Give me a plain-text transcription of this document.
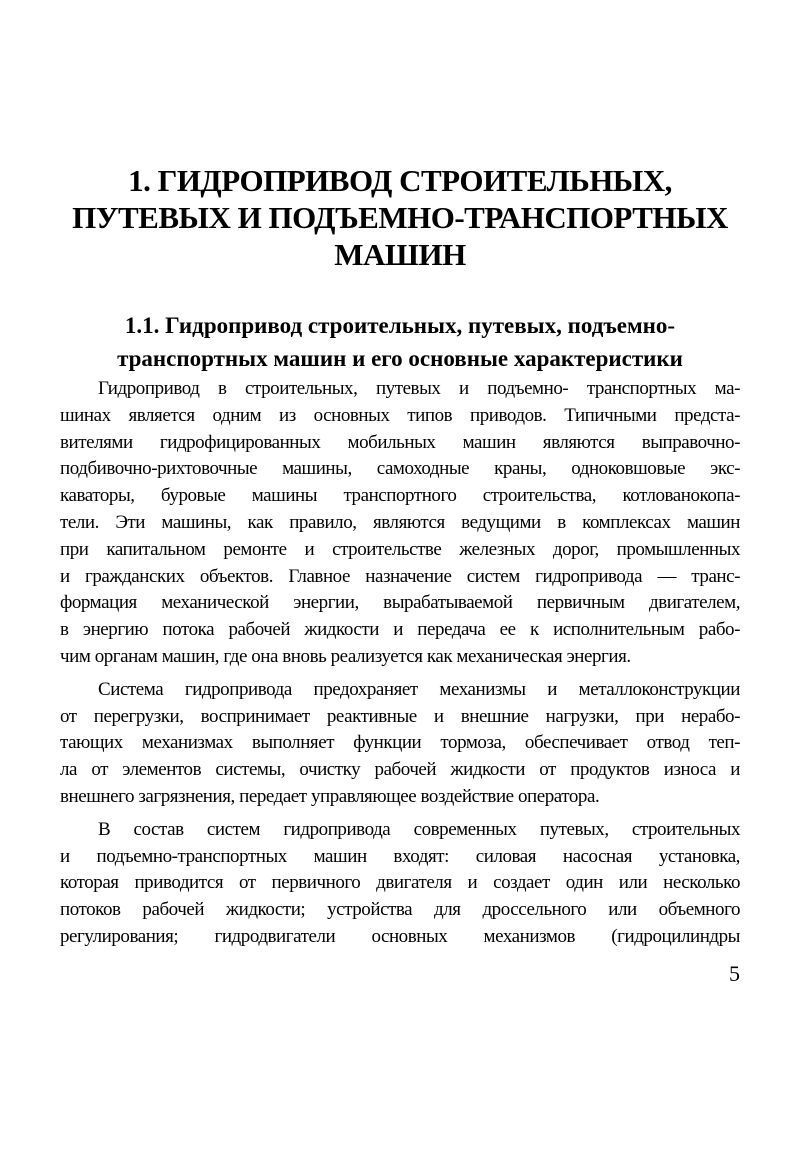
1. ГИДРОПРИВОД СТРОИТЕЛЬНЫХ,
ПУТЕВЫХ И ПОДЪЕМНО-ТРАНСПОРТНЫХ
МАШИН
1.1. Гидропривод строительных, путевых, подъемно-
транспортных машин и его основные характеристики

Гидропривод в строительных, путевых и подъемно- транспортных ма-
шинах является одним из основных типов приводов. Типичными предста-
вителями гидрофицированных мобильных машин являются выправочно-
подбивочно-рихтовочные машины, самоходные краны, одноковшовые экс-
каваторы, буровые машины транспортного строительства, котлованокопа-
тели. Эти машины, как правило, являются ведущими в комплексах машин
при капитальном ремонте и строительстве железных дорог, промышленных
и гражданских объектов. Главное назначение систем гидропривода — транс-
формация механической энергии, вырабатываемой первичным двигателем,
в энергию потока рабочей жидкости и передача ее к исполнительным рабо-
чим органам машин, где она вновь реализуется как механическая энергия.

Система гидропривода предохраняет механизмы и металлоконструкции
от перегрузки, воспринимает реактивные и внешние нагрузки, при нерабо-
тающих механизмах выполняет функции тормоза, обеспечивает отвод теп-
ла от элементов системы, очистку рабочей жидкости от продуктов износа и
внешнего загрязнения, передает управляющее воздействие оператора.

В состав систем гидропривода современных путевых, строительных
и подъемно-транспортных машин входят: силовая насосная установка,
которая приводится от первичного двигателя и создает один или несколько
потоков рабочей жидкости; устройства для дроссельного или объемного
регулирования; гидродвигатели основных механизмов (гидроцилиндры

5
